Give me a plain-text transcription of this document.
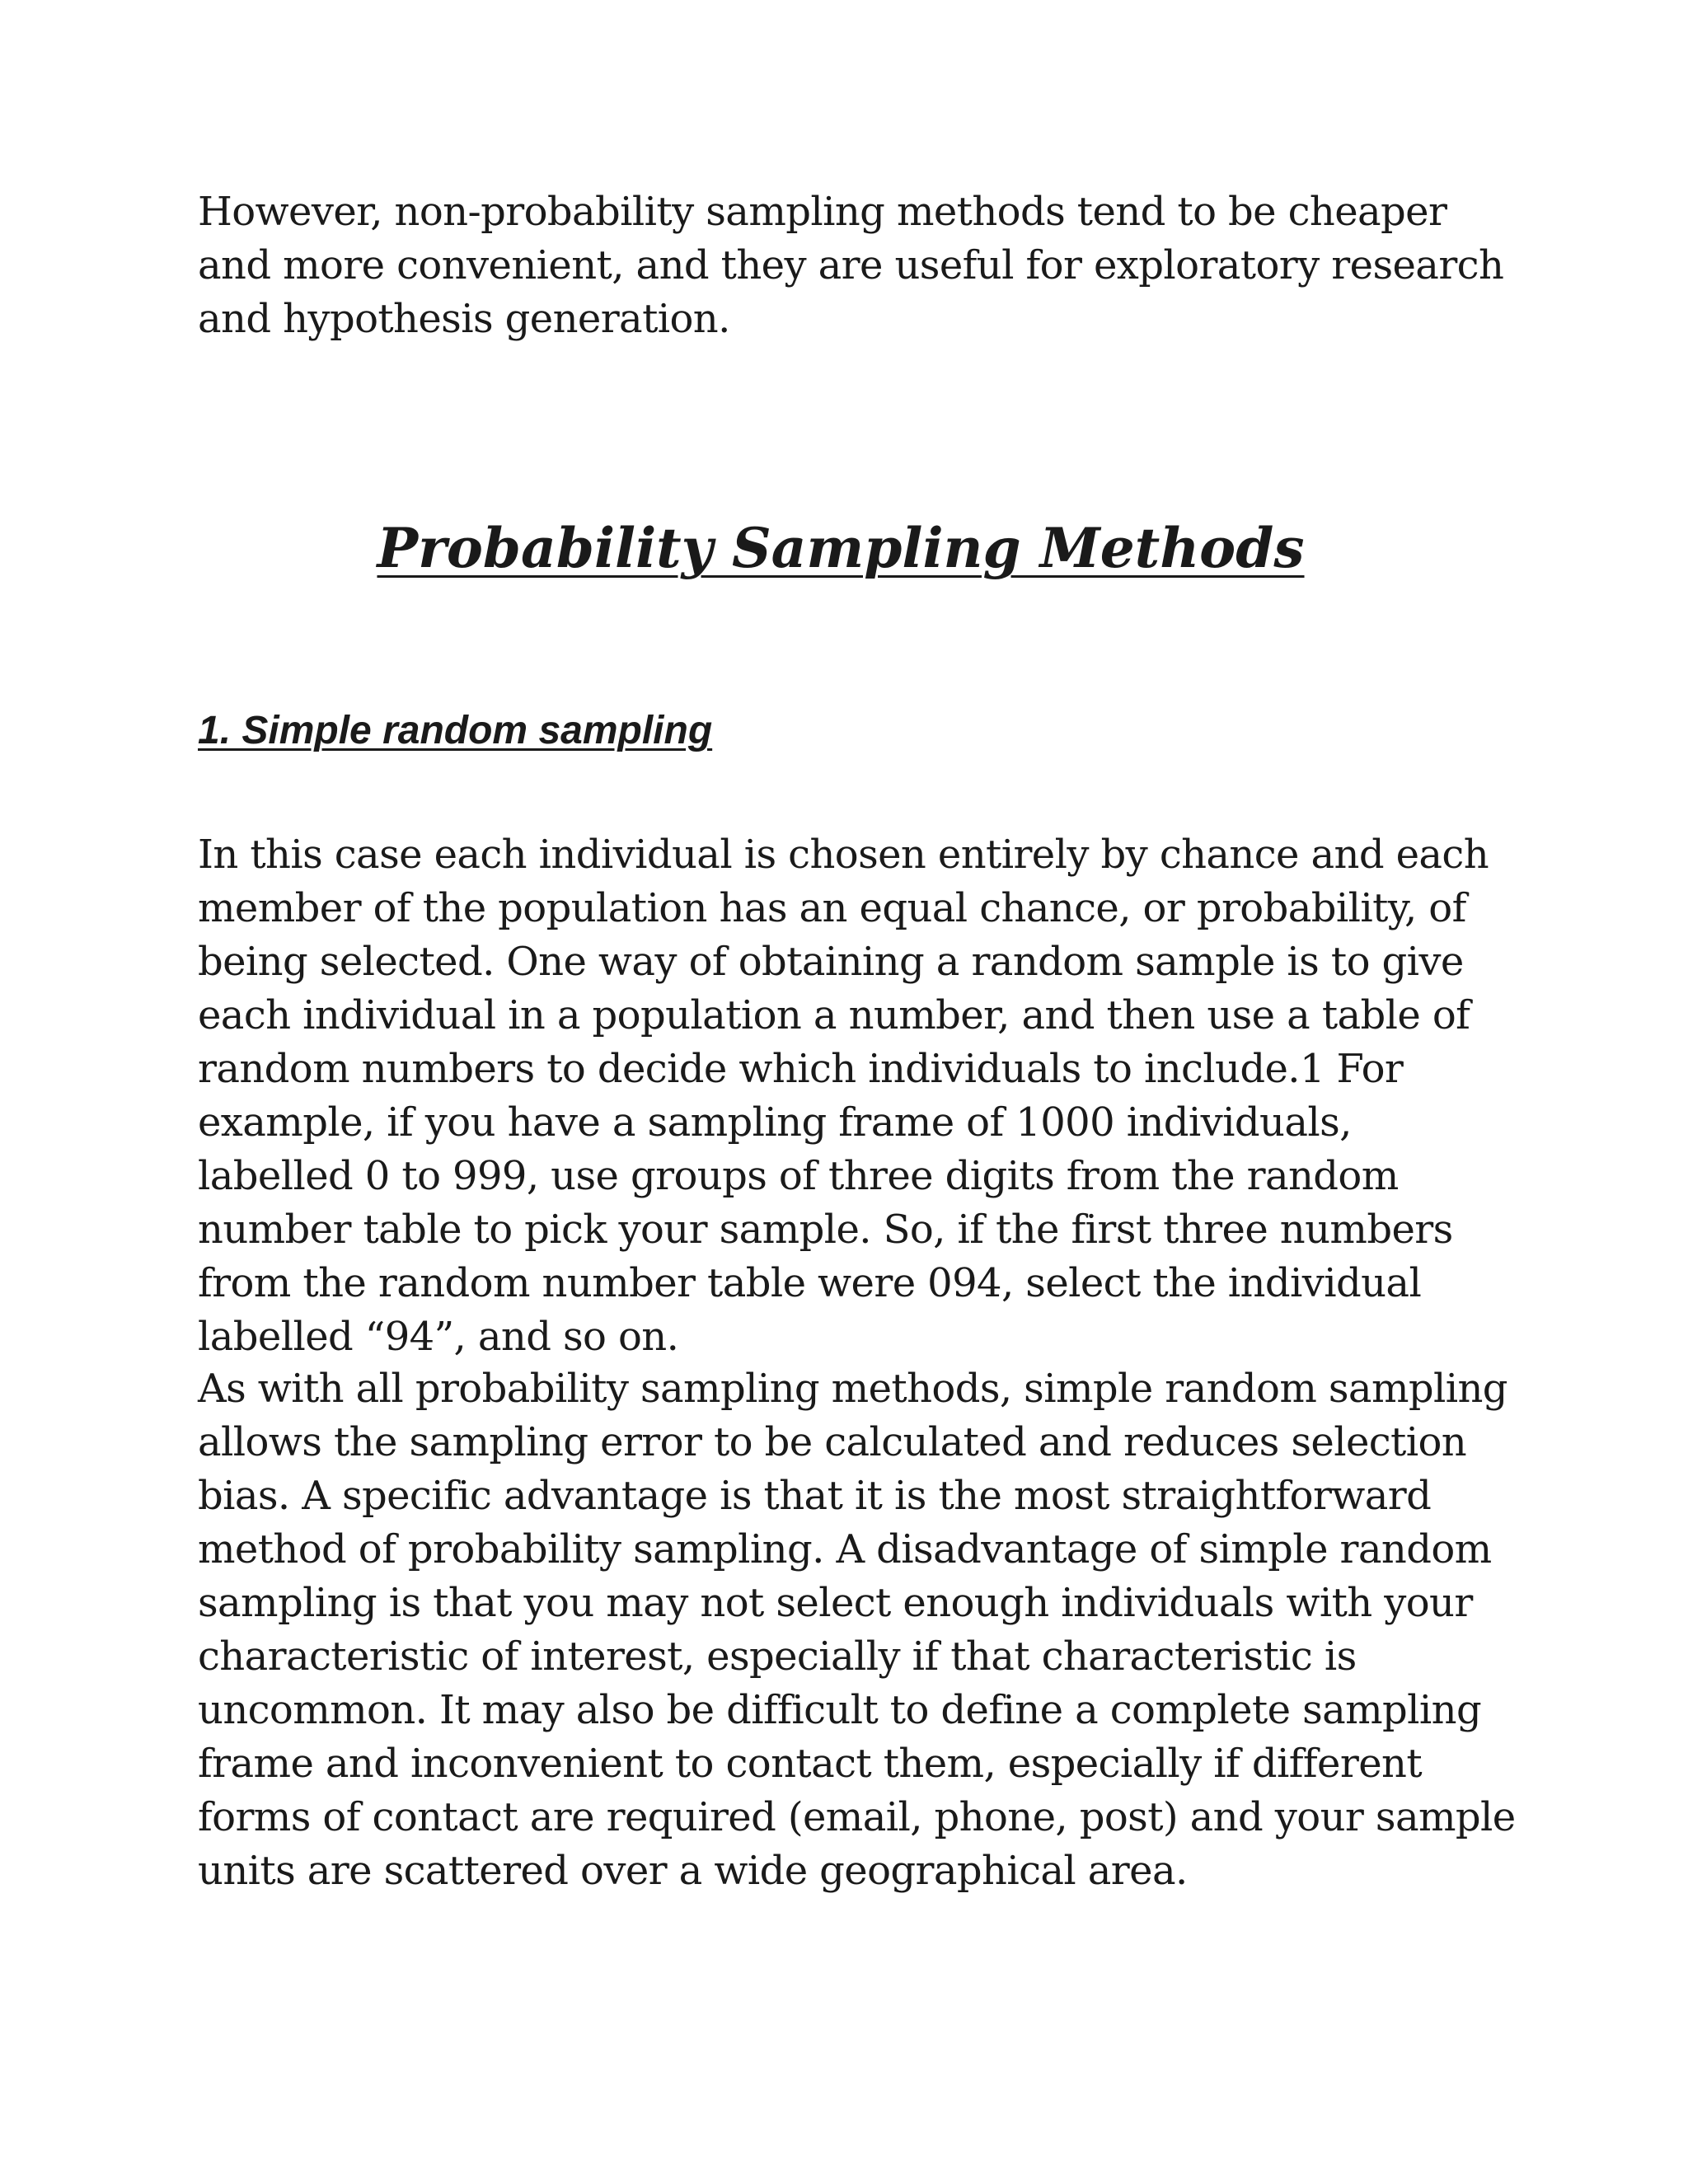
However, non-probability sampling methods tend to be cheaper and more convenient, and they are useful for exploratory research and hypothesis generation.

Probability Sampling Methods
1. Simple random sampling

In this case each individual is chosen entirely by chance and each member of the population has an equal chance, or probability, of being selected. One way of obtaining a random sample is to give each individual in a population a number, and then use a table of random numbers to decide which individuals to include.1 For example, if you have a sampling frame of 1000 individuals, labelled 0 to 999, use groups of three digits from the random number table to pick your sample. So, if the first three numbers from the random number table were 094, select the individual labelled “94”, and so on.

As with all probability sampling methods, simple random sampling allows the sampling error to be calculated and reduces selection bias. A specific advantage is that it is the most straightforward method of probability sampling. A disadvantage of simple random sampling is that you may not select enough individuals with your characteristic of interest, especially if that characteristic is uncommon. It may also be difficult to define a complete sampling frame and inconvenient to contact them, especially if different forms of contact are required (email, phone, post) and your sample units are scattered over a wide geographical area.
